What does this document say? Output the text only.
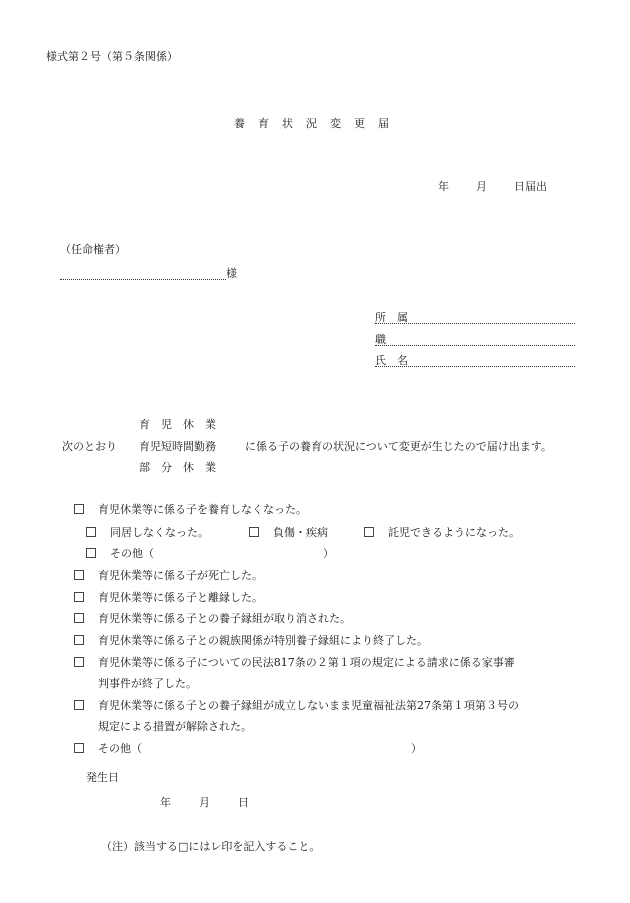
様式第２号（第５条関係）
養 育 状 況 変 更 届
年 月 日届出
（任命権者）
様
所　属
職
氏　名
育　児　休　業
次のとおり 育児短時間勤務	に係る子の養育の状況について変更が生じたので届け出ます。
部　分　休　業
育児休業等に係る子を養育しなくなった。
同居しなくなった。	負傷・疾病	託児できるようになった。
その他（	）
育児休業等に係る子が死亡した。
育児休業等に係る子と離縁した。
育児休業等に係る子との養子縁組が取り消された。
育児休業等に係る子との親族関係が特別養子縁組により終了した。
育児休業等に係る子についての民法817条の２第１項の規定による請求に係る家事審
判事件が終了した。
育児休業等に係る子との養子縁組が成立しないまま児童福祉法第27条第１項第３号の
規定による措置が解除された。
その他（	）
発生日
年	月	日
（注）該当する□にはレ印を記入すること。
